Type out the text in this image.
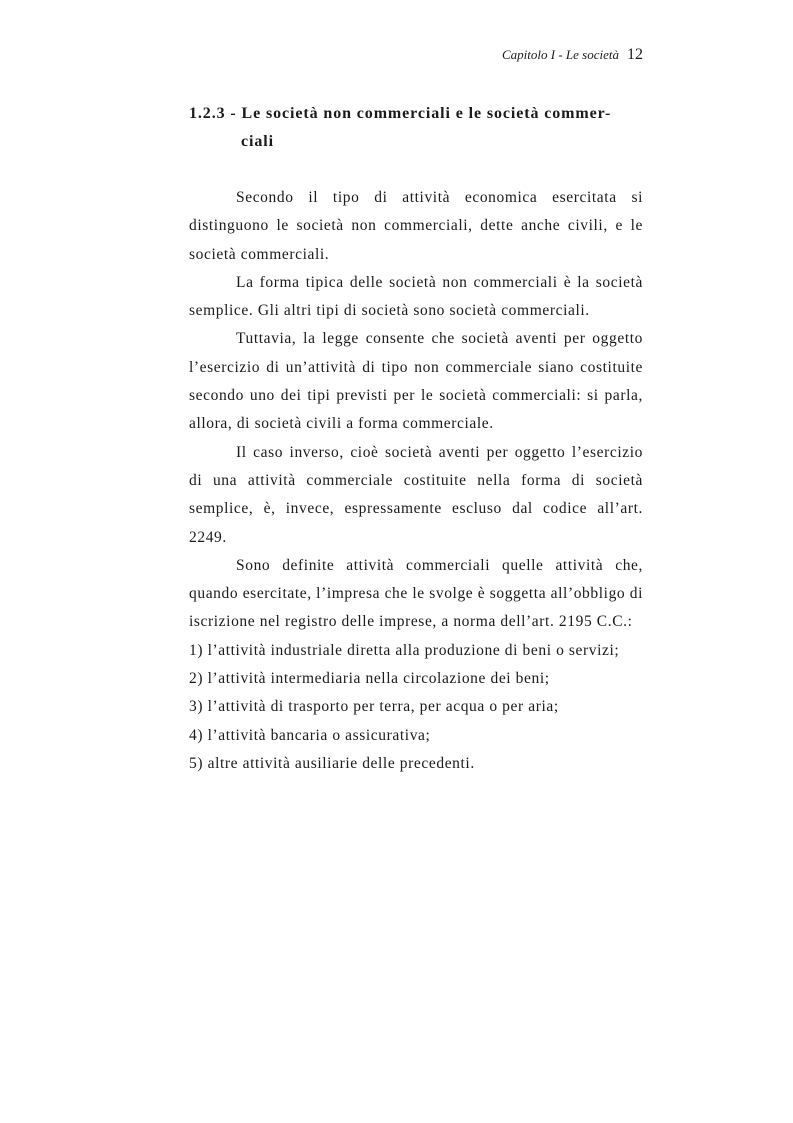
Capitolo I - Le società 12
1.2.3 - Le società non commerciali e le società commer-
ciali

Secondo il tipo di attività economica esercitata si distinguono le società non commerciali, dette anche civili, e le società commerciali.

La forma tipica delle società non commerciali è la società semplice. Gli altri tipi di società sono società commerciali.

Tuttavia, la legge consente che società aventi per oggetto l’esercizio di un’attività di tipo non commerciale siano costituite secondo uno dei tipi previsti per le società commerciali: si parla, allora, di società civili a forma commerciale.

Il caso inverso, cioè società aventi per oggetto l’esercizio di una attività commerciale costituite nella forma di società semplice, è, invece, espressamente escluso dal codice all’art. 2249.

Sono definite attività commerciali quelle attività che, quando esercitate, l’impresa che le svolge è soggetta all’obbligo di iscrizione nel registro delle imprese, a norma dell’art. 2195 C.C.:

1) l’attività industriale diretta alla produzione di beni o servizi;
2) l’attività intermediaria nella circolazione dei beni;
3) l’attività di trasporto per terra, per acqua o per aria;
4) l’attività bancaria o assicurativa;
5) altre attività ausiliarie delle precedenti.
